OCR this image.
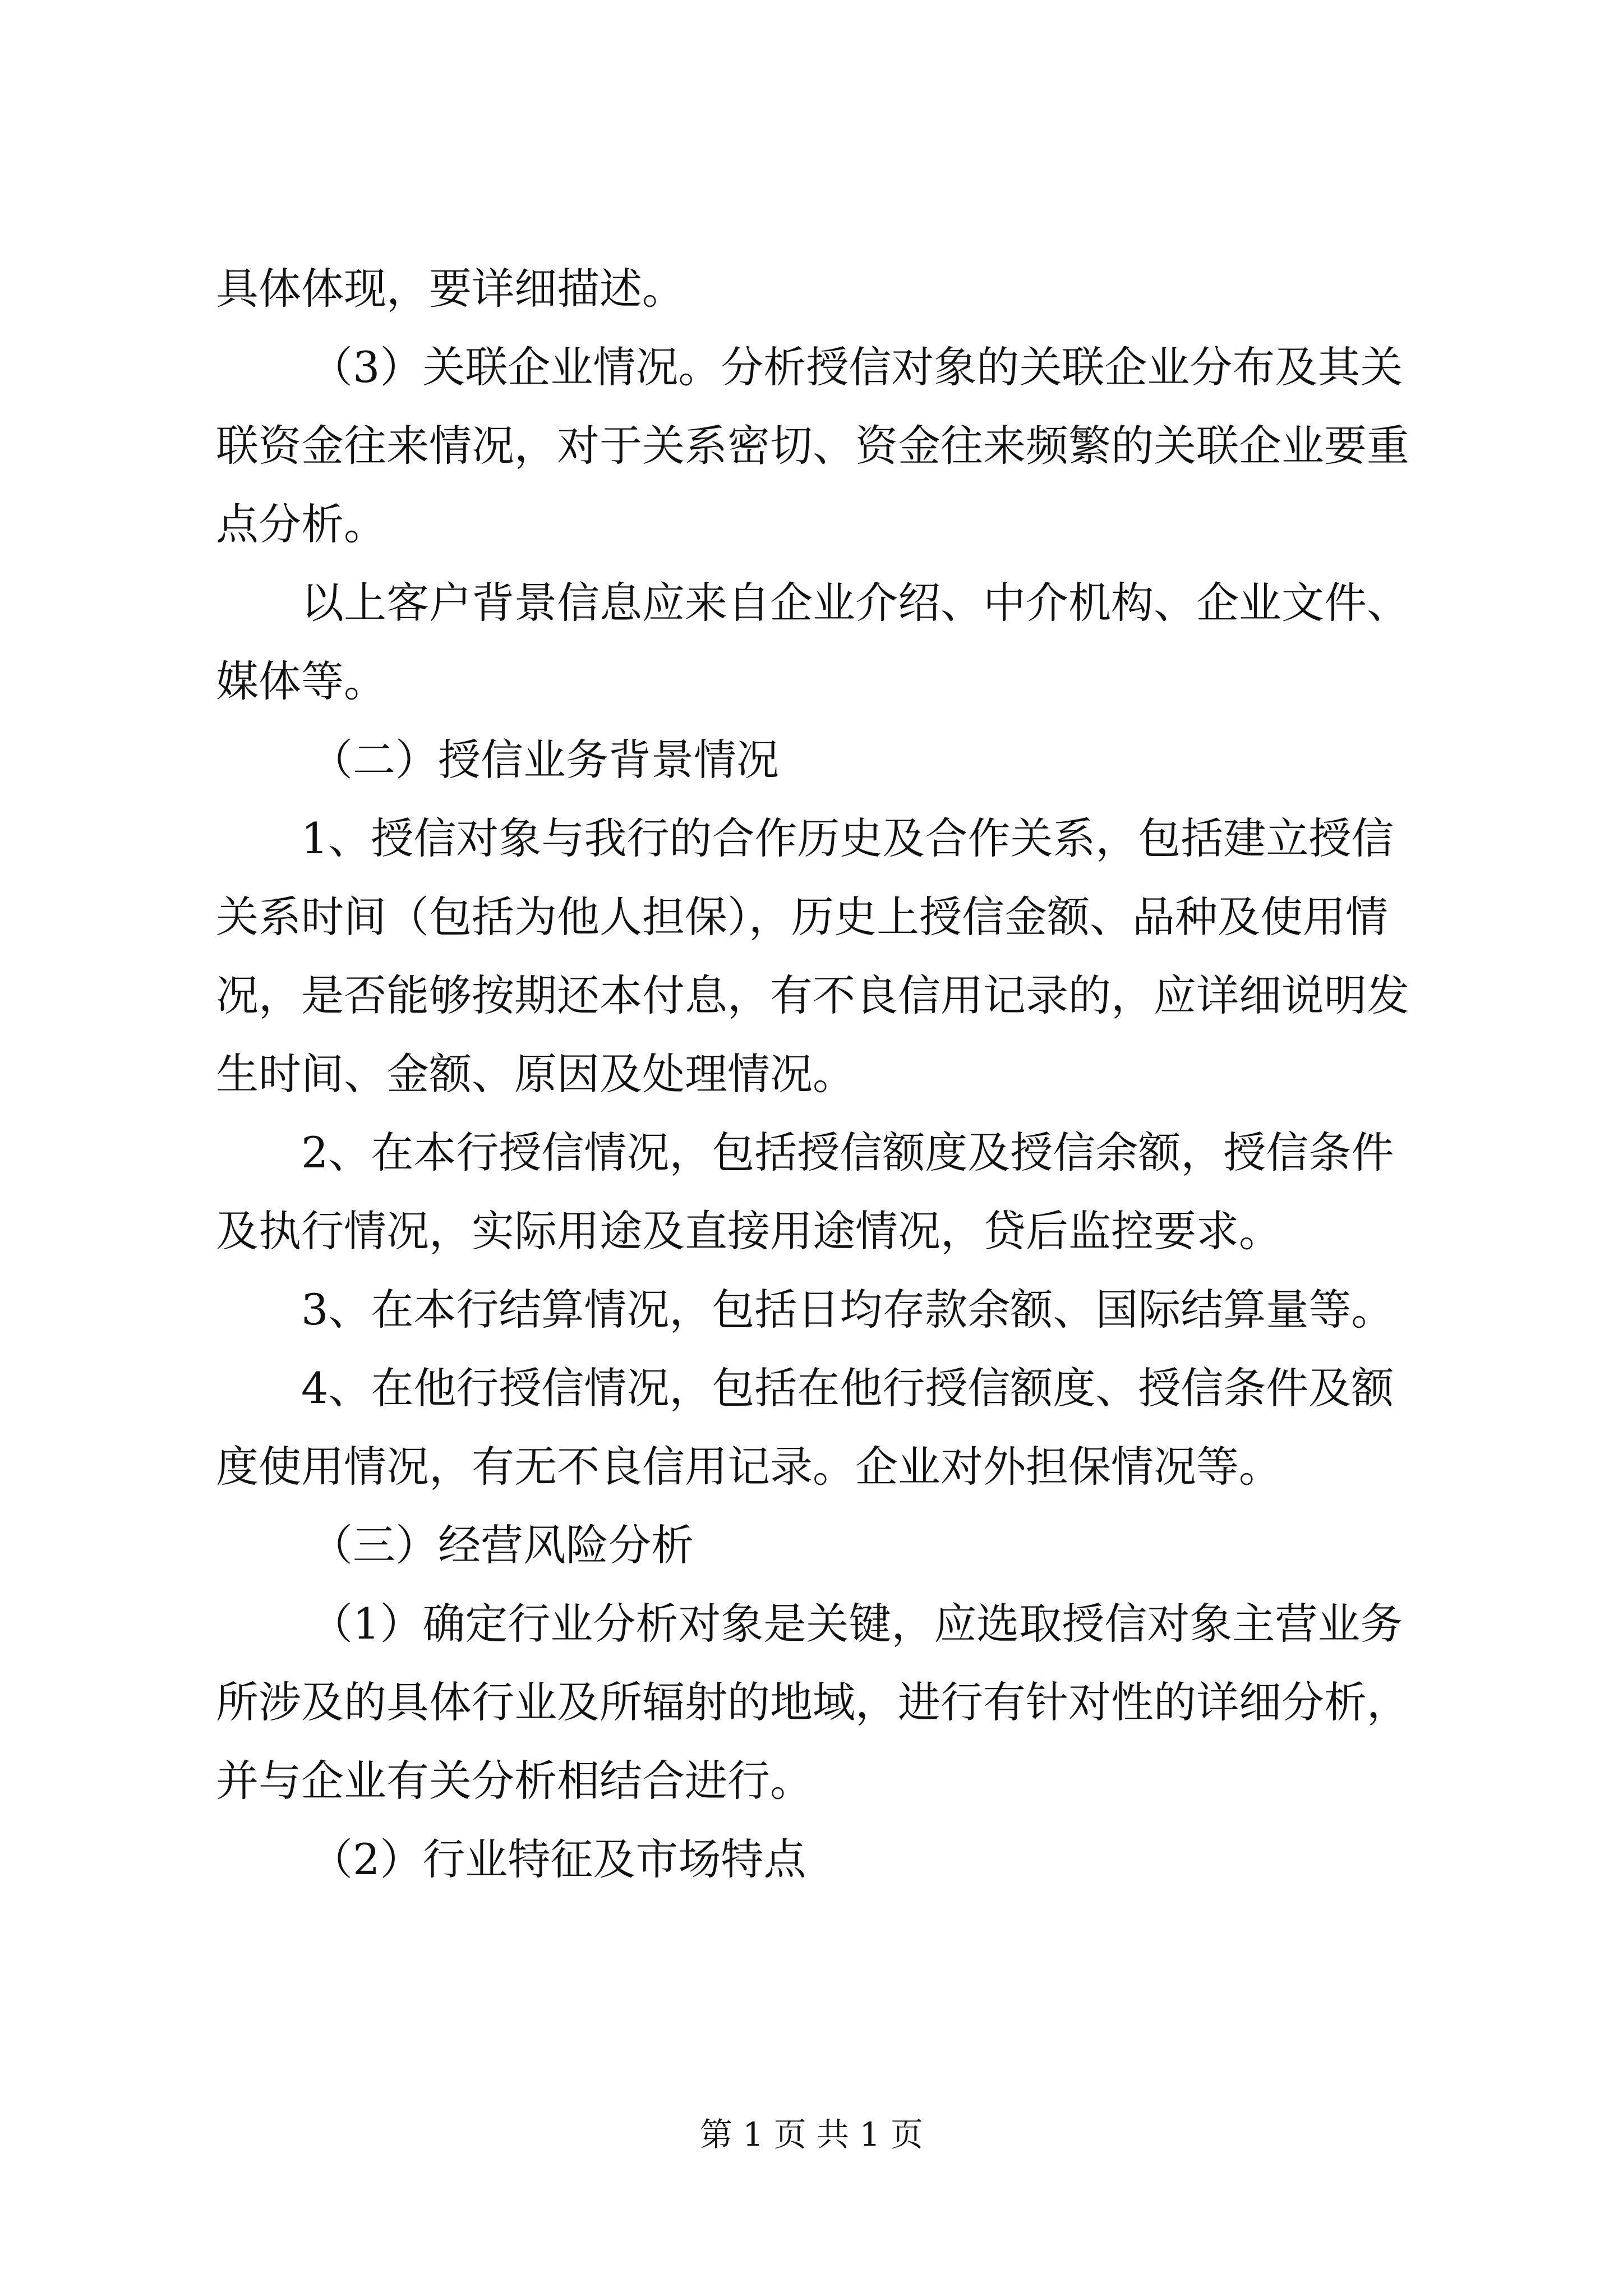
具体体现，要详细描述。
（3）关联企业情况。分析授信对象的关联企业分布及其关
联资金往来情况，对于关系密切、资金往来频繁的关联企业要重
点分析。
以上客户背景信息应来自企业介绍、中介机构、企业文件、
媒体等。
（二）授信业务背景情况
1、授信对象与我行的合作历史及合作关系，包括建立授信
关系时间（包括为他人担保），历史上授信金额、品种及使用情
况，是否能够按期还本付息，有不良信用记录的，应详细说明发
生时间、金额、原因及处理情况。
2、在本行授信情况，包括授信额度及授信余额，授信条件
及执行情况，实际用途及直接用途情况，贷后监控要求。
3、在本行结算情况，包括日均存款余额、国际结算量等。
4、在他行授信情况，包括在他行授信额度、授信条件及额
度使用情况，有无不良信用记录。企业对外担保情况等。
（三）经营风险分析
（1）确定行业分析对象是关键，应选取授信对象主营业务
所涉及的具体行业及所辐射的地域，进行有针对性的详细分析，
并与企业有关分析相结合进行。
（2）行业特征及市场特点
第 1 页 共 1 页
